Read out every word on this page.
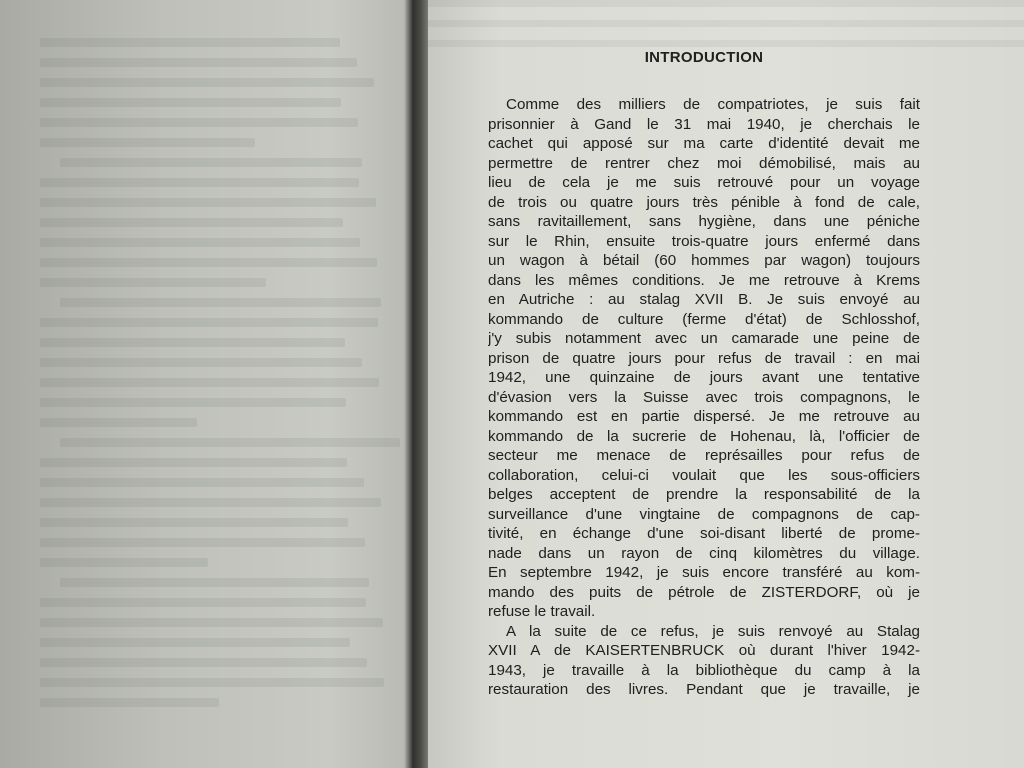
INTRODUCTION
Comme des milliers de compatriotes, je suis fait
prisonnier à Gand le 31 mai 1940, je cherchais le
cachet qui apposé sur ma carte d'identité devait me
permettre de rentrer chez moi démobilisé, mais au
lieu de cela je me suis retrouvé pour un voyage
de trois ou quatre jours très pénible à fond de cale,
sans ravitaillement, sans hygiène, dans une péniche
sur le Rhin, ensuite trois-quatre jours enfermé dans
un wagon à bétail (60 hommes par wagon) toujours
dans les mêmes conditions. Je me retrouve à Krems
en Autriche : au stalag XVII B. Je suis envoyé au
kommando de culture (ferme d'état) de Schlosshof,
j'y subis notamment avec un camarade une peine de
prison de quatre jours pour refus de travail : en mai
1942, une quinzaine de jours avant une tentative
d'évasion vers la Suisse avec trois compagnons, le
kommando est en partie dispersé. Je me retrouve au
kommando de la sucrerie de Hohenau, là, l'officier de
secteur me menace de représailles pour refus de
collaboration, celui-ci voulait que les sous-officiers
belges acceptent de prendre la responsabilité de la
surveillance d'une vingtaine de compagnons de cap-
tivité, en échange d'une soi-disant liberté de prome-
nade dans un rayon de cinq kilomètres du village.
En septembre 1942, je suis encore transféré au kom-
mando des puits de pétrole de ZISTERDORF, où je
refuse le travail.
A la suite de ce refus, je suis renvoyé au Stalag
XVII A de KAISERTENBRUCK où durant l'hiver 1942-
1943, je travaille à la bibliothèque du camp à la
restauration des livres. Pendant que je travaille, je
